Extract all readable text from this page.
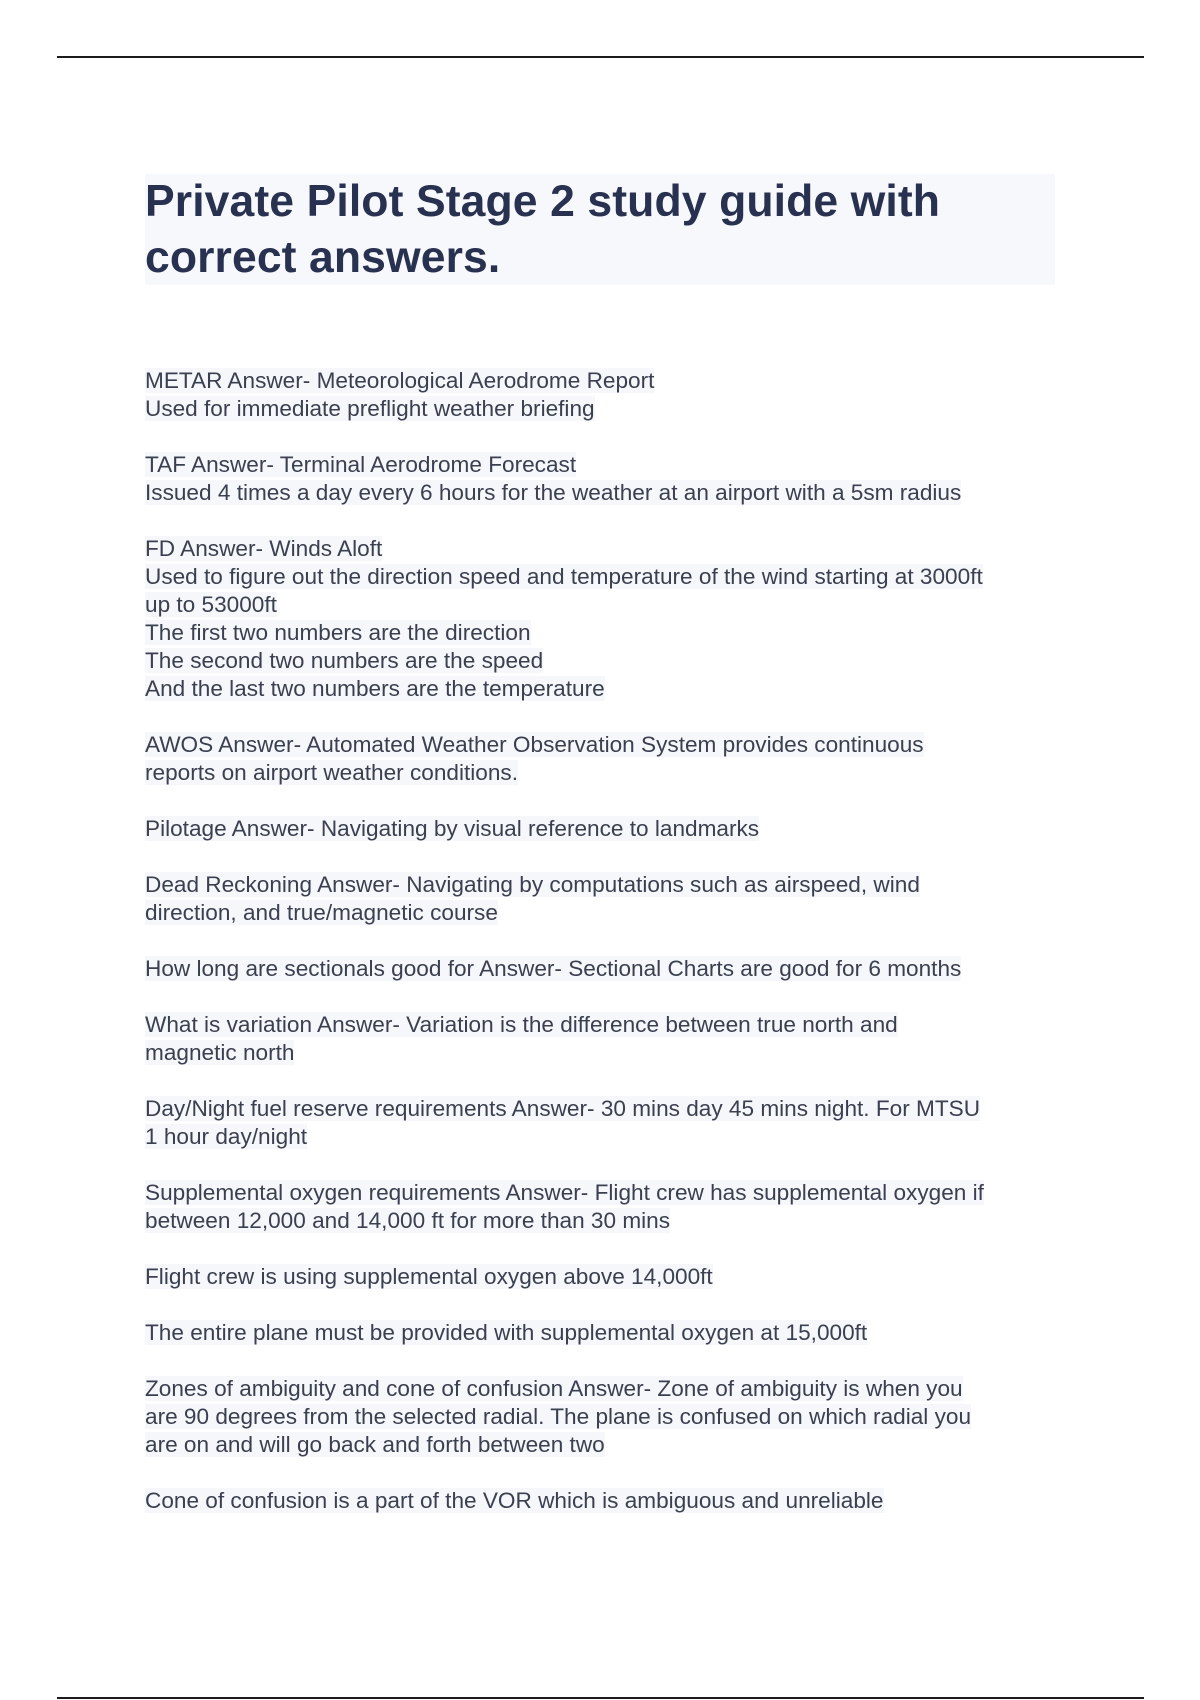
Private Pilot Stage 2 study guide with
correct answers.
METAR Answer- Meteorological Aerodrome Report
Used for immediate preflight weather briefing
TAF Answer- Terminal Aerodrome Forecast
Issued 4 times a day every 6 hours for the weather at an airport with a 5sm radius
FD Answer- Winds Aloft
Used to figure out the direction speed and temperature of the wind starting at 3000ft
up to 53000ft
The first two numbers are the direction
The second two numbers are the speed
And the last two numbers are the temperature
AWOS Answer- Automated Weather Observation System provides continuous
reports on airport weather conditions.
Pilotage Answer- Navigating by visual reference to landmarks
Dead Reckoning Answer- Navigating by computations such as airspeed, wind
direction, and true/magnetic course
How long are sectionals good for Answer- Sectional Charts are good for 6 months
What is variation Answer- Variation is the difference between true north and
magnetic north
Day/Night fuel reserve requirements Answer- 30 mins day 45 mins night. For MTSU
1 hour day/night
Supplemental oxygen requirements Answer- Flight crew has supplemental oxygen if
between 12,000 and 14,000 ft for more than 30 mins
Flight crew is using supplemental oxygen above 14,000ft
The entire plane must be provided with supplemental oxygen at 15,000ft
Zones of ambiguity and cone of confusion Answer- Zone of ambiguity is when you
are 90 degrees from the selected radial. The plane is confused on which radial you
are on and will go back and forth between two
Cone of confusion is a part of the VOR which is ambiguous and unreliable
